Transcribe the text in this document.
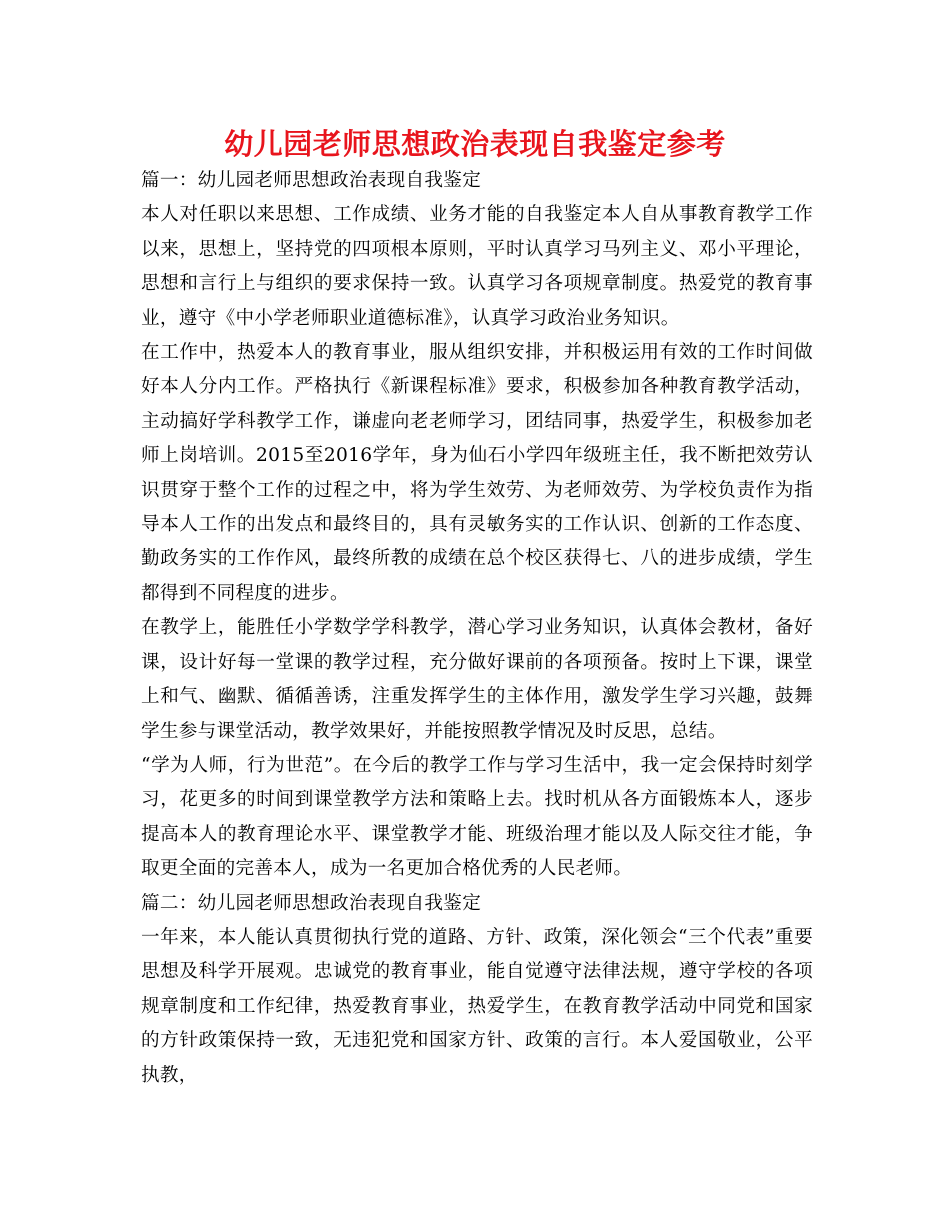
幼儿园老师思想政治表现自我鉴定参考

篇一：幼儿园老师思想政治表现自我鉴定

本人对任职以来思想、工作成绩、业务才能的自我鉴定本人自从事教育教学工作以来，思想上，坚持党的四项根本原则，平时认真学习马列主义、邓小平理论，思想和言行上与组织的要求保持一致。认真学习各项规章制度。热爱党的教育事业，遵守《中小学老师职业道德标准》，认真学习政治业务知识。

在工作中，热爱本人的教育事业，服从组织安排，并积极运用有效的工作时间做好本人分内工作。严格执行《新课程标准》要求，积极参加各种教育教学活动，主动搞好学科教学工作，谦虚向老老师学习，团结同事，热爱学生，积极参加老师上岗培训。2015至2016学年，身为仙石小学四年级班主任，我不断把效劳认识贯穿于整个工作的过程之中，将为学生效劳、为老师效劳、为学校负责作为指导本人工作的出发点和最终目的，具有灵敏务实的工作认识、创新的工作态度、勤政务实的工作作风，最终所教的成绩在总个校区获得七、八的进步成绩，学生都得到不同程度的进步。

在教学上，能胜任小学数学学科教学，潜心学习业务知识，认真体会教材，备好课，设计好每一堂课的教学过程，充分做好课前的各项预备。按时上下课，课堂上和气、幽默、循循善诱，注重发挥学生的主体作用，激发学生学习兴趣，鼓舞学生参与课堂活动，教学效果好，并能按照教学情况及时反思，总结。

“学为人师，行为世范”。在今后的教学工作与学习生活中，我一定会保持时刻学习，花更多的时间到课堂教学方法和策略上去。找时机从各方面锻炼本人，逐步提高本人的教育理论水平、课堂教学才能、班级治理才能以及人际交往才能，争取更全面的完善本人，成为一名更加合格优秀的人民老师。

篇二：幼儿园老师思想政治表现自我鉴定

一年来，本人能认真贯彻执行党的道路、方针、政策，深化领会“三个代表”重要思想及科学开展观。忠诚党的教育事业，能自觉遵守法律法规，遵守学校的各项规章制度和工作纪律，热爱教育事业，热爱学生，在教育教学活动中同党和国家的方针政策保持一致，无违犯党和国家方针、政策的言行。本人爱国敬业，公平执教，
